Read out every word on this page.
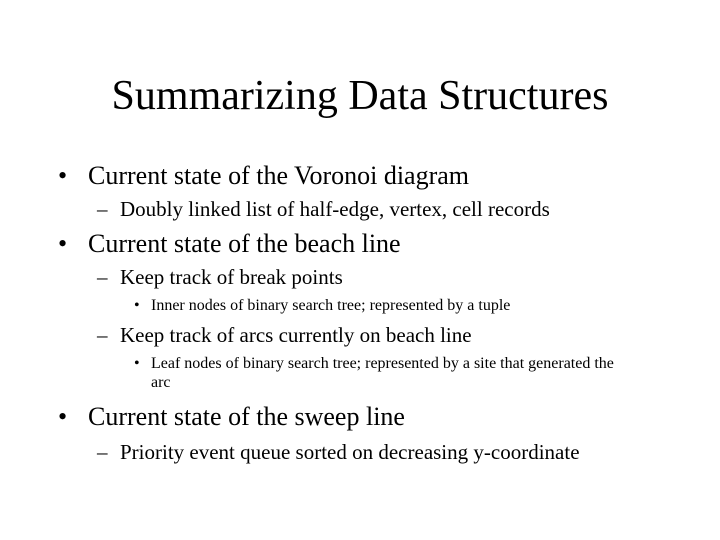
Summarizing Data Structures
• Current state of the Voronoi diagram
– Doubly linked list of half-edge, vertex, cell records
• Current state of the beach line
– Keep track of break points
• Inner nodes of binary search tree; represented by a tuple
– Keep track of arcs currently on beach line
• Leaf nodes of binary search tree; represented by a site that generated the arc
• Current state of the sweep line
– Priority event queue sorted on decreasing y-coordinate
